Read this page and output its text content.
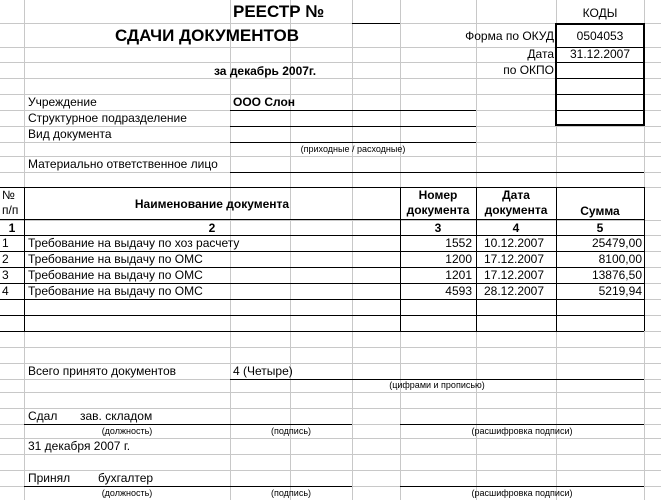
РЕЕСТР №
СДАЧИ ДОКУМЕНТОВ
за декабрь 2007г.
КОДЫ
Форма по ОКУД	0504053
Дата	31.12.2007
по ОКПО
Учреждение	ООО Слон
Структурное подразделение
Вид документа
(приходные / расходные)
Материально ответственное лицо
№ п/п	Наименование документа
Номер документа
Дата документа	Сумма
1	2	3	4	5
1	Требование на выдачу по хоз расчету	1552 10.12.2007	25479,00
2	Требование на выдачу по ОМС	1200 17.12.2007	8100,00
3	Требование на выдачу по ОМС	1201 17.12.2007	13876,50
4	Требование на выдачу по ОМС	4593 28.12.2007	5219,94
Всего принято документов	4 (Четыре)
(цифрами и прописью)
Сдал зав. складом
(должность)	(подпись)	(расшифровка подписи)
31 декабря 2007 г.
Принял бухгалтер
(должность)	(подпись)	(расшифровка подписи)
